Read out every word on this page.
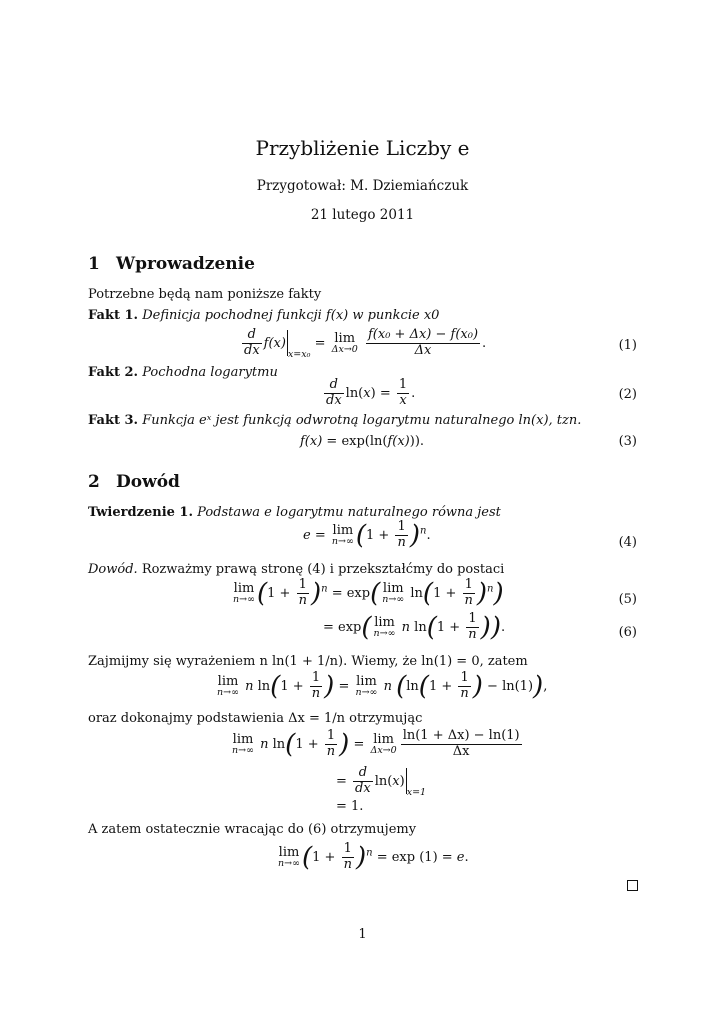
Przybliżenie Liczby e
Przygotował: M. Dziemiańczuk
21 lutego 2011
1 Wprowadzenie
Potrzebne będą nam poniższe fakty
Fakt 1. Definicja pochodnej funkcji f(x) w punkcie x0
$\frac{d}{dx} f(x)_{x=x_0} = \lim$
Δx→0
$\frac{\text{f(x₀ + Δx) − f(x₀)}}{\Delta x}$ .	(1)
Fakt 2. Pochodna logarytmu
$\frac{d}{dx} \ln(x) = \frac{1}{x}$ .	(2)
Fakt 3. Funkcja eˣ jest funkcją odwrotną logarytmu naturalnego ln(x), tzn.
f(x) = exp(ln(f(x))).	(3)
2 Dowód
Twierdzenie 1. Podstawa e logarytmu naturalnego równa jest
e = lim
n→∞ $(1 + \frac{1}{n} )^n$.	(4)
Dowód. Rozważmy prawą stronę (4) i przekształćmy do postaci
lim
n→∞ $(1 + \frac{1}{n} )^n = \exp$( lim
n→∞ $\ln(1 + \frac{1}{n} )^n$)	(5)
= exp( lim
n→∞ n $\ln(1 + \frac{1}{n}$ )).	(6)
Zajmijmy się wyrażeniem n ln(1 + 1/n). Wiemy, że ln(1) = 0, zatem
lim
n→∞ n $\ln(1 + \frac{1}{n}$ ) = lim
n→∞ n ($\ln(1 + \frac{1}{n}$ ) − ln(1)),
oraz dokonajmy podstawienia Δx = 1/n otrzymując
lim
n→∞ n $\ln(1 + \frac{1}{n}$ ) = lim
$\Delta x\to 0 \frac{\ln(1 + \Delta x) - \ln(1)}{\Delta x}$
= $\frac{d}{dx} \ln(x)_{x=1}$
= 1.
A zatem ostatecznie wracając do (6) otrzymujemy
lim
n→∞ $(1 + \frac{1}{n} )^n = \exp (1) = e$.
1
